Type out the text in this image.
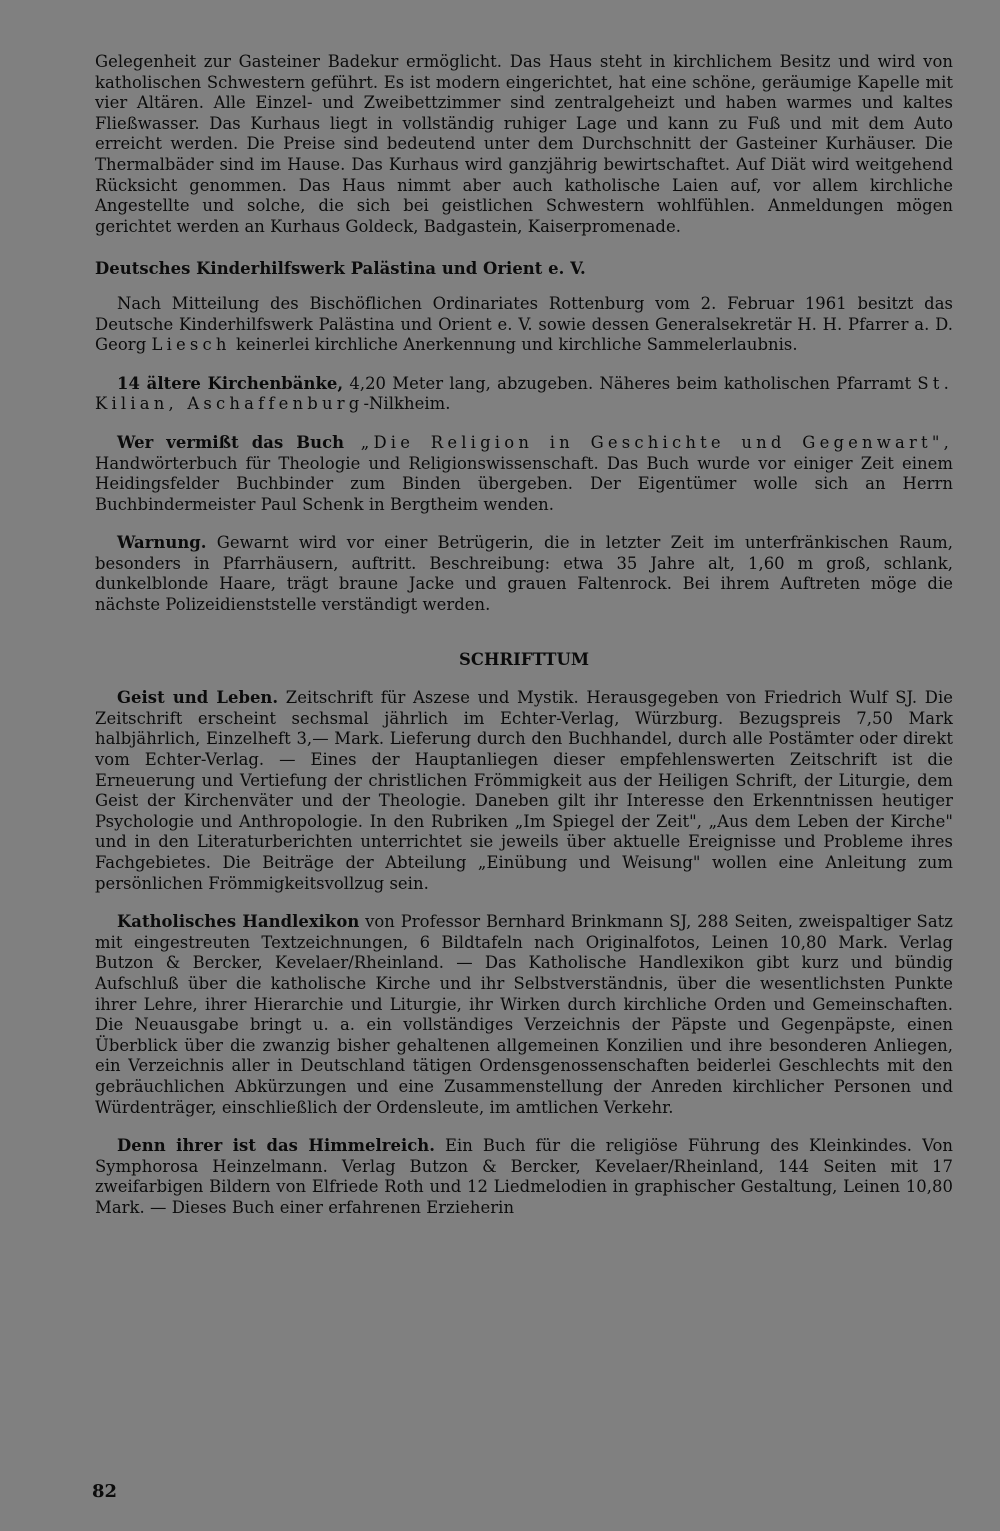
Gelegenheit zur Gasteiner Badekur ermöglicht. Das Haus steht in kirchlichem Besitz und wird von katholischen Schwestern geführt. Es ist modern eingerichtet, hat eine schöne, geräumige Kapelle mit vier Altären. Alle Einzel- und Zweibettzimmer sind zentralgeheizt und haben warmes und kaltes Fließwasser. Das Kurhaus liegt in vollständig ruhiger Lage und kann zu Fuß und mit dem Auto erreicht werden. Die Preise sind bedeutend unter dem Durchschnitt der Gasteiner Kurhäuser. Die Thermalbäder sind im Hause. Das Kurhaus wird ganzjährig bewirtschaftet. Auf Diät wird weitgehend Rücksicht genommen. Das Haus nimmt aber auch katholische Laien auf, vor allem kirchliche Angestellte und solche, die sich bei geistlichen Schwestern wohlfühlen. Anmeldungen mögen gerichtet werden an Kurhaus Goldeck, Badgastein, Kaiserpromenade.

Deutsches Kinderhilfswerk Palästina und Orient e. V.

Nach Mitteilung des Bischöflichen Ordinariates Rottenburg vom 2. Februar 1961 besitzt das Deutsche Kinderhilfswerk Palästina und Orient e. V. sowie dessen Generalsekretär H. H. Pfarrer a. D. Georg Liesch keinerlei kirchliche Anerkennung und kirchliche Sammelerlaubnis.

14 ältere Kirchenbänke, 4,20 Meter lang, abzugeben. Näheres beim katholischen Pfarramt St. Kilian, Aschaffenburg-Nilkheim.

Wer vermißt das Buch „Die Religion in Geschichte und Gegenwart", Handwörterbuch für Theologie und Religionswissenschaft. Das Buch wurde vor einiger Zeit einem Heidingsfelder Buchbinder zum Binden übergeben. Der Eigentümer wolle sich an Herrn Buchbindermeister Paul Schenk in Bergtheim wenden.

Warnung. Gewarnt wird vor einer Betrügerin, die in letzter Zeit im unterfränkischen Raum, besonders in Pfarrhäusern, auftritt. Beschreibung: etwa 35 Jahre alt, 1,60 m groß, schlank, dunkelblonde Haare, trägt braune Jacke und grauen Faltenrock. Bei ihrem Auftreten möge die nächste Polizeidienststelle verständigt werden.

SCHRIFTTUM

Geist und Leben. Zeitschrift für Aszese und Mystik. Herausgegeben von Friedrich Wulf SJ. Die Zeitschrift erscheint sechsmal jährlich im Echter-Verlag, Würzburg. Bezugspreis 7,50 Mark halbjährlich, Einzelheft 3,— Mark. Lieferung durch den Buchhandel, durch alle Postämter oder direkt vom Echter-Verlag. — Eines der Hauptanliegen dieser empfehlenswerten Zeitschrift ist die Erneuerung und Vertiefung der christlichen Frömmigkeit aus der Heiligen Schrift, der Liturgie, dem Geist der Kirchenväter und der Theologie. Daneben gilt ihr Interesse den Erkenntnissen heutiger Psychologie und Anthropologie. In den Rubriken „Im Spiegel der Zeit", „Aus dem Leben der Kirche" und in den Literaturberichten unterrichtet sie jeweils über aktuelle Ereignisse und Probleme ihres Fachgebietes. Die Beiträge der Abteilung „Einübung und Weisung" wollen eine Anleitung zum persönlichen Frömmigkeitsvollzug sein.

Katholisches Handlexikon von Professor Bernhard Brinkmann SJ, 288 Seiten, zweispaltiger Satz mit eingestreuten Textzeichnungen, 6 Bildtafeln nach Originalfotos, Leinen 10,80 Mark. Verlag Butzon & Bercker, Kevelaer/Rheinland. — Das Katholische Handlexikon gibt kurz und bündig Aufschluß über die katholische Kirche und ihr Selbstverständnis, über die wesentlichsten Punkte ihrer Lehre, ihrer Hierarchie und Liturgie, ihr Wirken durch kirchliche Orden und Gemeinschaften. Die Neuausgabe bringt u. a. ein vollständiges Verzeichnis der Päpste und Gegenpäpste, einen Überblick über die zwanzig bisher gehaltenen allgemeinen Konzilien und ihre besonderen Anliegen, ein Verzeichnis aller in Deutschland tätigen Ordensgenossenschaften beiderlei Geschlechts mit den gebräuchlichen Abkürzungen und eine Zusammenstellung der Anreden kirchlicher Personen und Würdenträger, einschließlich der Ordensleute, im amtlichen Verkehr.

Denn ihrer ist das Himmelreich. Ein Buch für die religiöse Führung des Kleinkindes. Von Symphorosa Heinzelmann. Verlag Butzon & Bercker, Kevelaer/Rheinland, 144 Seiten mit 17 zweifarbigen Bildern von Elfriede Roth und 12 Liedmelodien in graphischer Gestaltung, Leinen 10,80 Mark. — Dieses Buch einer erfahrenen Erzieherin

82
